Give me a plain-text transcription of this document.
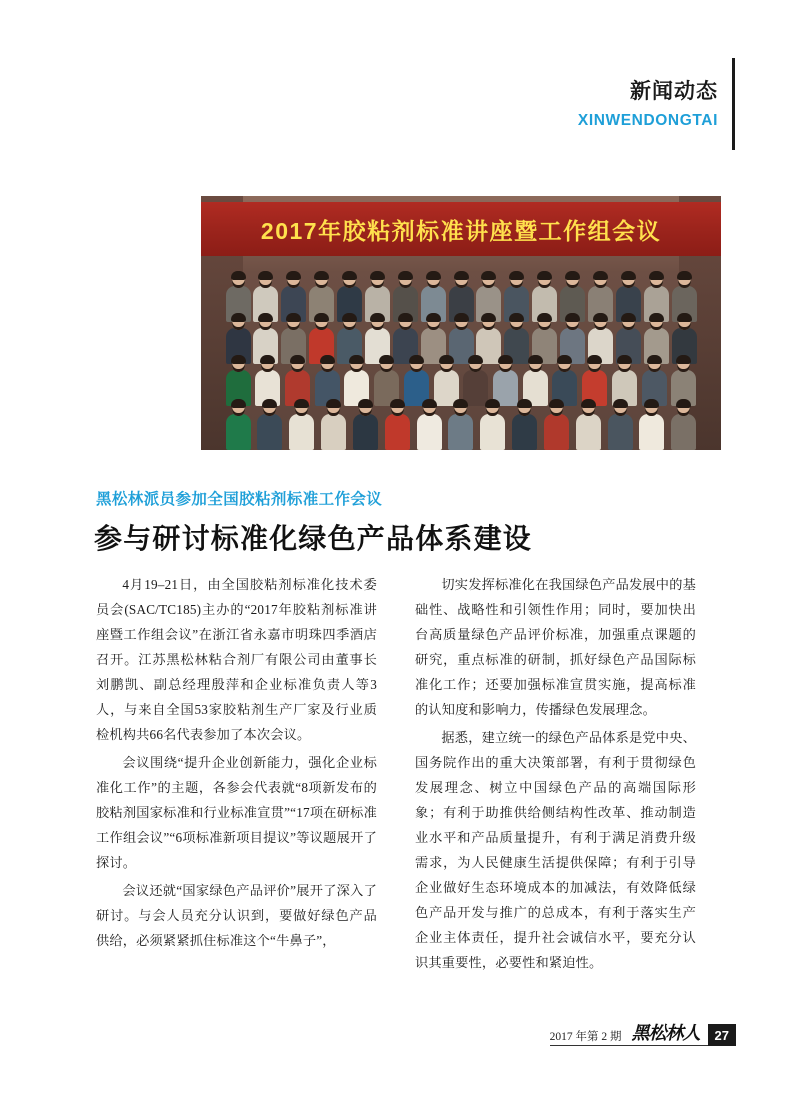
新闻动态
XINWENDONGTAI
2017年胶粘剂标准讲座暨工作组会议
黑松林派员参加全国胶粘剂标准工作会议
参与研讨标准化绿色产品体系建设

4月19–21日，由全国胶粘剂标准化技术委员会(SAC/TC185)主办的“2017年胶粘剂标准讲座暨工作组会议”在浙江省永嘉市明珠四季酒店召开。江苏黑松林粘合剂厂有限公司由董事长刘鹏凯、副总经理殷萍和企业标准负责人等3人，与来自全国53家胶粘剂生产厂家及行业质检机构共66名代表参加了本次会议。

会议围绕“提升企业创新能力，强化企业标准化工作”的主题，各参会代表就“8项新发布的胶粘剂国家标准和行业标准宣贯”“17项在研标准工作组会议”“6项标准新项目提议”等议题展开了探讨。

会议还就“国家绿色产品评价”展开了深入了研讨。与会人员充分认识到，要做好绿色产品供给，必须紧紧抓住标准这个“牛鼻子”，

切实发挥标准化在我国绿色产品发展中的基础性、战略性和引领性作用；同时，要加快出台高质量绿色产品评价标准，加强重点课题的研究，重点标准的研制，抓好绿色产品国际标准化工作；还要加强标准宣贯实施，提高标准的认知度和影响力，传播绿色发展理念。

据悉，建立统一的绿色产品体系是党中央、国务院作出的重大决策部署，有利于贯彻绿色发展理念、树立中国绿色产品的高端国际形象；有利于助推供给侧结构性改革、推动制造业水平和产品质量提升，有利于满足消费升级需求，为人民健康生活提供保障；有利于引导企业做好生态环境成本的加减法，有效降低绿色产品开发与推广的总成本，有利于落实生产企业主体责任，提升社会诚信水平，要充分认识其重要性，必要性和紧迫性。

2017 年第 2 期 黑松林人	27
